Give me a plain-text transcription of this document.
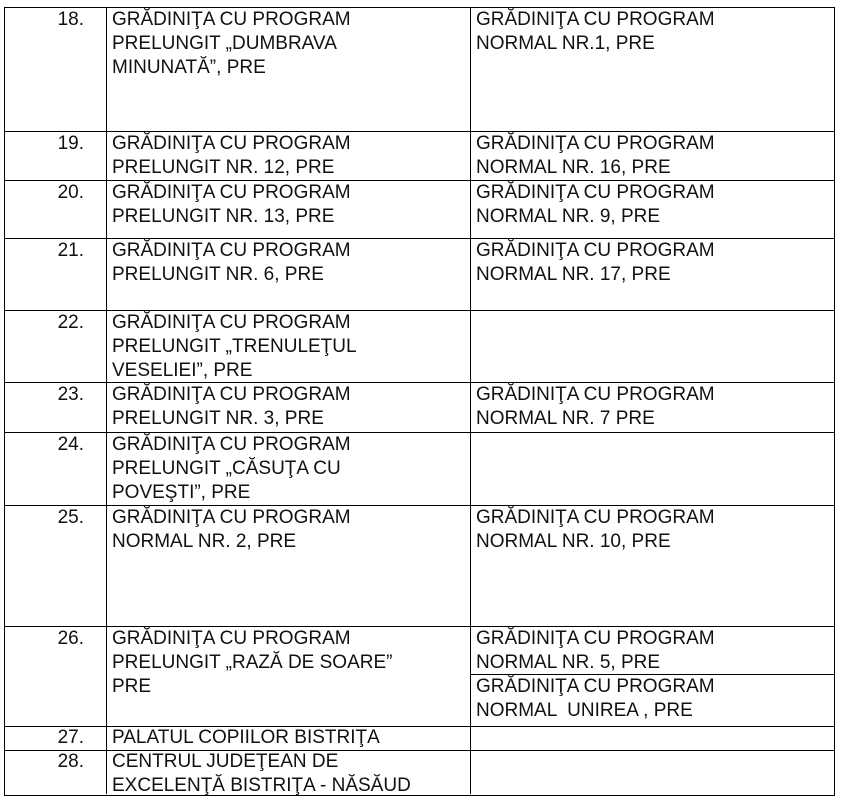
18. GRĂDINIŢA CU PROGRAM
PRELUNGIT „DUMBRAVA
MINUNATĂ”, PRE
GRĂDINIŢA CU PROGRAM
NORMAL NR.1, PRE
19. GRĂDINIŢA CU PROGRAM
PRELUNGIT NR. 12, PRE
GRĂDINIŢA CU PROGRAM
NORMAL NR. 16, PRE
20. GRĂDINIŢA CU PROGRAM
PRELUNGIT NR. 13, PRE
GRĂDINIŢA CU PROGRAM
NORMAL NR. 9, PRE
21. GRĂDINIŢA CU PROGRAM
PRELUNGIT NR. 6, PRE
GRĂDINIŢA CU PROGRAM
NORMAL NR. 17, PRE
22. GRĂDINIŢA CU PROGRAM
PRELUNGIT „TRENULEŢUL
VESELIEI”, PRE
23. GRĂDINIŢA CU PROGRAM
PRELUNGIT NR. 3, PRE
GRĂDINIŢA CU PROGRAM
NORMAL NR. 7 PRE
24. GRĂDINIŢA CU PROGRAM
PRELUNGIT „CĂSUŢA CU
POVEŞTI”, PRE
25. GRĂDINIŢA CU PROGRAM
NORMAL NR. 2, PRE
GRĂDINIŢA CU PROGRAM
NORMAL NR. 10, PRE
26. GRĂDINIŢA CU PROGRAM
PRELUNGIT „RAZĂ DE SOARE”
PRE
GRĂDINIŢA CU PROGRAM
NORMAL NR. 5, PRE
GRĂDINIŢA CU PROGRAM
NORMAL  UNIREA , PRE
27. PALATUL COPIILOR BISTRIŢA
28. CENTRUL JUDEŢEAN DE
EXCELENŢĂ BISTRIŢA - NĂSĂUD
